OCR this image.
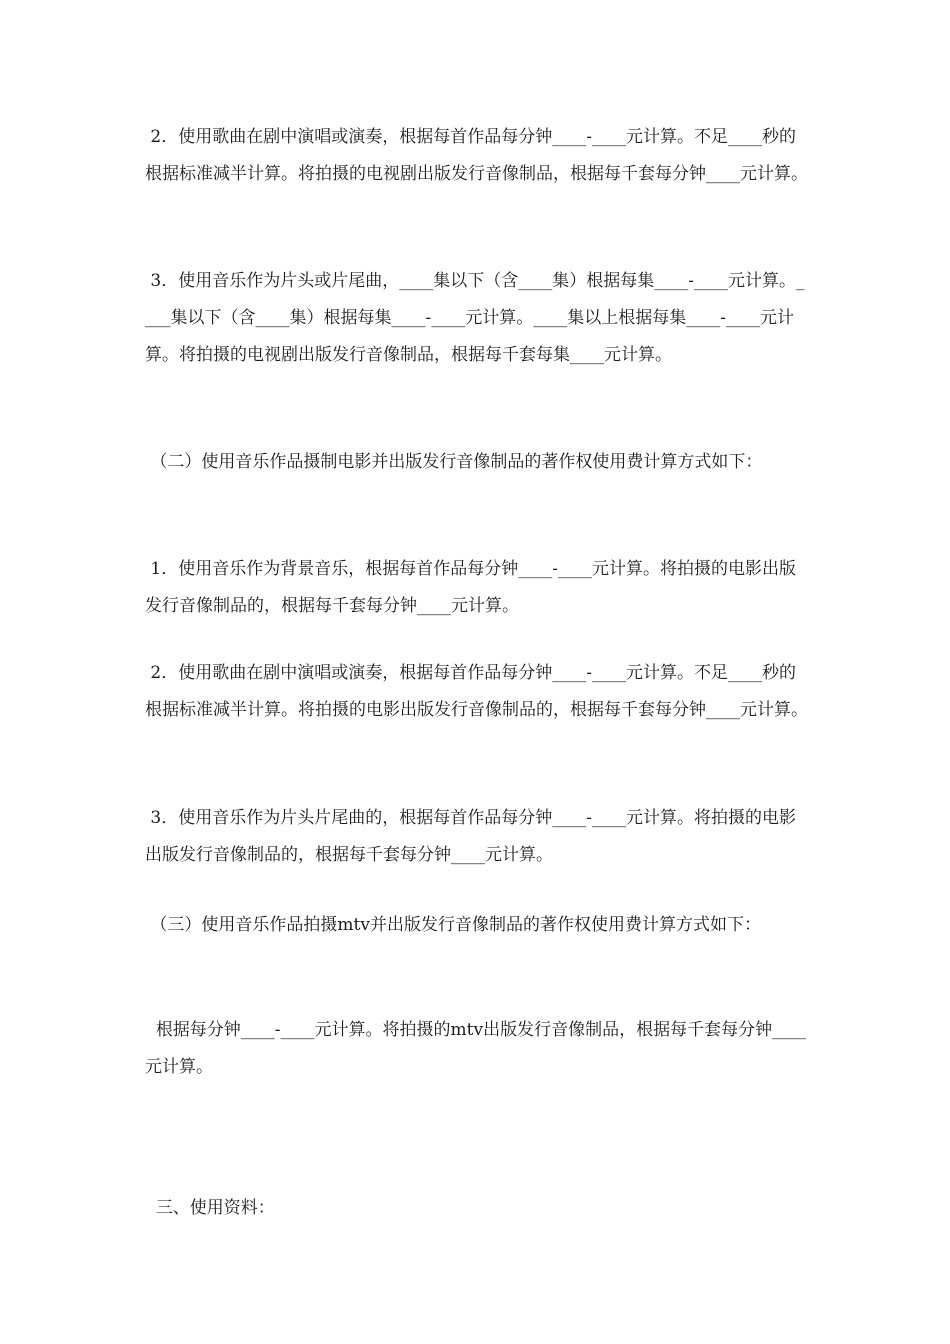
2．使用歌曲在剧中演唱或演奏，根据每首作品每分钟____-____元计算。不足____秒的根据标准减半计算。将拍摄的电视剧出版发行音像制品，根据每千套每分钟____元计算。

3．使用音乐作为片头或片尾曲，____集以下（含____集）根据每集____-____元计算。____集以下（含____集）根据每集____-____元计算。____集以上根据每集____-____元计算。将拍摄的电视剧出版发行音像制品，根据每千套每集____元计算。

（二）使用音乐作品摄制电影并出版发行音像制品的著作权使用费计算方式如下：

1．使用音乐作为背景音乐，根据每首作品每分钟____-____元计算。将拍摄的电影出版发行音像制品的，根据每千套每分钟____元计算。

2．使用歌曲在剧中演唱或演奏，根据每首作品每分钟____-____元计算。不足____秒的根据标准减半计算。将拍摄的电影出版发行音像制品的，根据每千套每分钟____元计算。

3．使用音乐作为片头片尾曲的，根据每首作品每分钟____-____元计算。将拍摄的电影出版发行音像制品的，根据每千套每分钟____元计算。

（三）使用音乐作品拍摄mtv并出版发行音像制品的著作权使用费计算方式如下：

根据每分钟____-____元计算。将拍摄的mtv出版发行音像制品，根据每千套每分钟____元计算。

三、使用资料：
